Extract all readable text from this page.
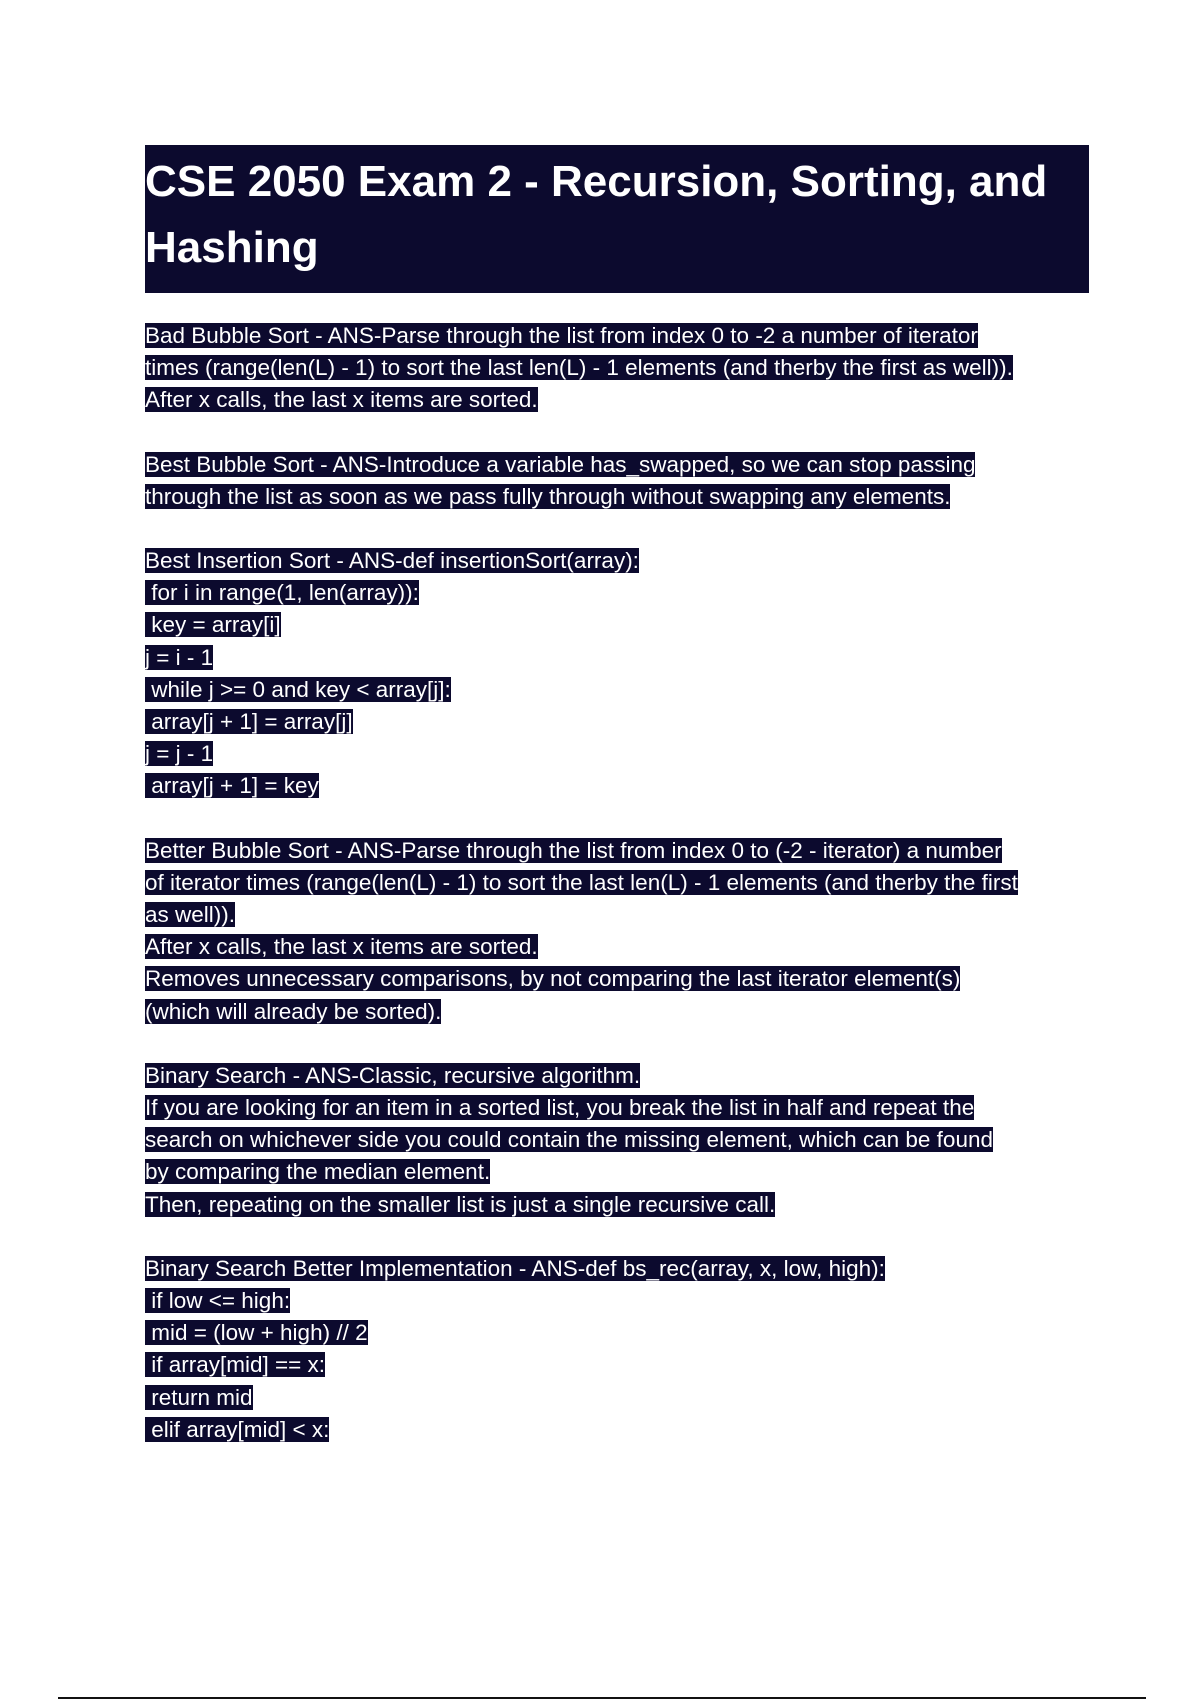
CSE 2050 Exam 2 - Recursion, Sorting, and Hashing
Bad Bubble Sort - ANS-Parse through the list from index 0 to -2 a number of iterator
times (range(len(L) - 1) to sort the last len(L) - 1 elements (and therby the first as well)).
After x calls, the last x items are sorted.
Best Bubble Sort - ANS-Introduce a variable has_swapped, so we can stop passing
through the list as soon as we pass fully through without swapping any elements.
Best Insertion Sort - ANS-def insertionSort(array):
for i in range(1, len(array)):
key = array[i]
j = i - 1
while j >= 0 and key < array[j]:
array[j + 1] = array[j]
j = j - 1
array[j + 1] = key
Better Bubble Sort - ANS-Parse through the list from index 0 to (-2 - iterator) a number
of iterator times (range(len(L) - 1) to sort the last len(L) - 1 elements (and therby the first
as well)).
After x calls, the last x items are sorted.
Removes unnecessary comparisons, by not comparing the last iterator element(s)
(which will already be sorted).
Binary Search - ANS-Classic, recursive algorithm.
If you are looking for an item in a sorted list, you break the list in half and repeat the
search on whichever side you could contain the missing element, which can be found
by comparing the median element.
Then, repeating on the smaller list is just a single recursive call.
Binary Search Better Implementation - ANS-def bs_rec(array, x, low, high):
if low <= high:
mid = (low + high) // 2
if array[mid] == x:
return mid
elif array[mid] < x:
